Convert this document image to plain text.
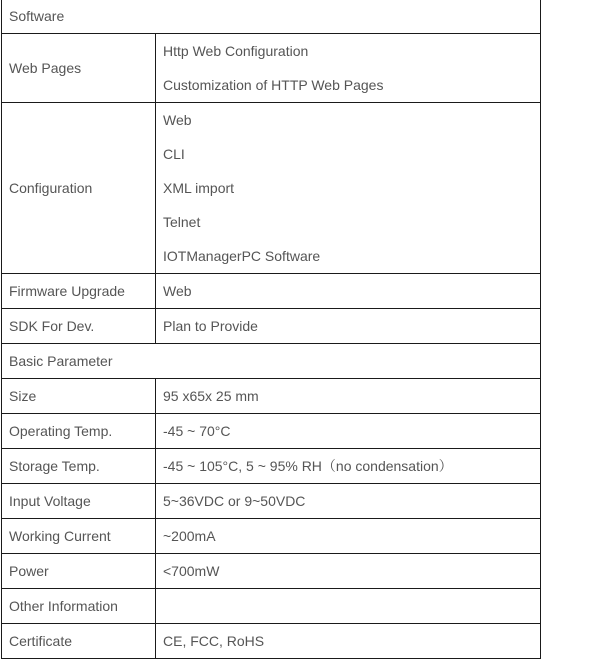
Software	
Web Pages	Http Web Configuration
Customization of HTTP Web Pages

Configuration	Web
CLI
XML import
Telnet
IOTManagerPC Software

Firmware Upgrade	Web
SDK For Dev.	Plan to Provide
Basic Parameter	
Size	95 x65x 25 mm
Operating Temp.	-45 ~ 70°C
Storage Temp.	-45 ~ 105°C, 5 ~ 95% RH（no condensation）
Input Voltage	5~36VDC or 9~50VDC
Working Current	~200mA
Power	<700mW
Other Information	
Certificate	CE, FCC, RoHS
